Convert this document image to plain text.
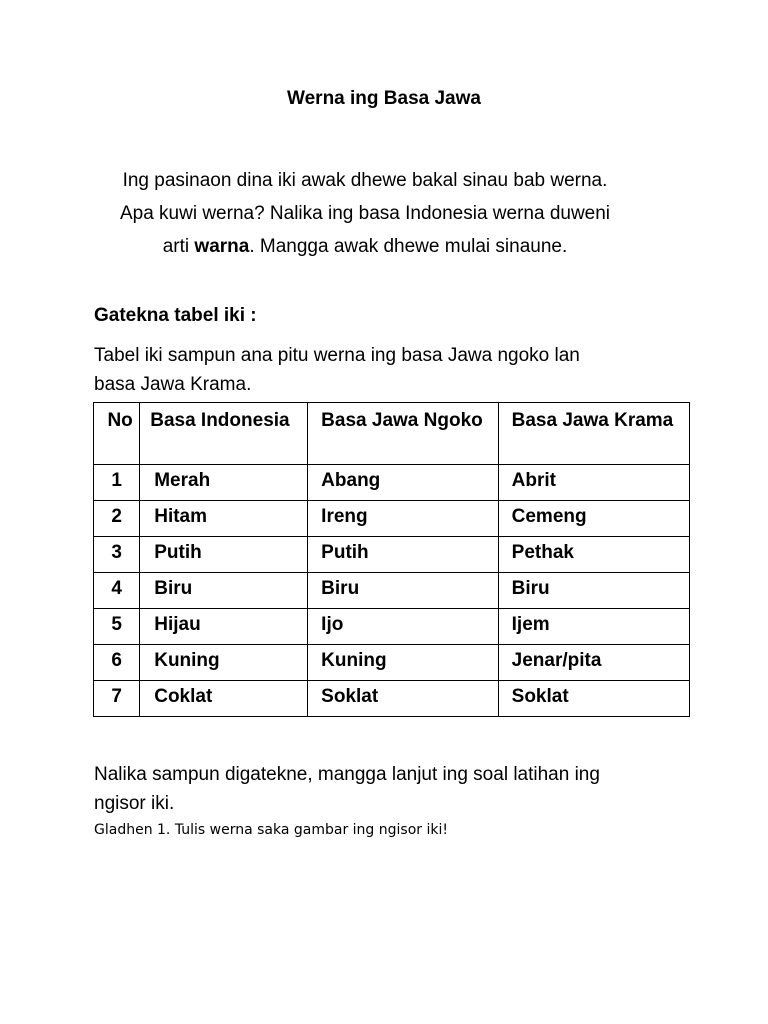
Werna ing Basa Jawa
Ing pasinaon dina iki awak dhewe bakal sinau bab werna.
Apa kuwi werna? Nalika ing basa Indonesia werna duweni
arti warna. Mangga awak dhewe mulai sinaune.
Gatekna tabel iki :
Tabel iki sampun ana pitu werna ing basa Jawa ngoko lan
basa Jawa Krama.
No	Basa Indonesia	Basa Jawa Ngoko	Basa Jawa Krama
1	Merah	Abang	Abrit
2	Hitam	Ireng	Cemeng
3	Putih	Putih	Pethak
4	Biru	Biru	Biru
5	Hijau	Ijo	Ijem
6	Kuning	Kuning	Jenar/pita
7	Coklat	Soklat	Soklat
Nalika sampun digatekne, mangga lanjut ing soal latihan ing
ngisor iki.
Gladhen 1. Tulis werna saka gambar ing ngisor iki!
